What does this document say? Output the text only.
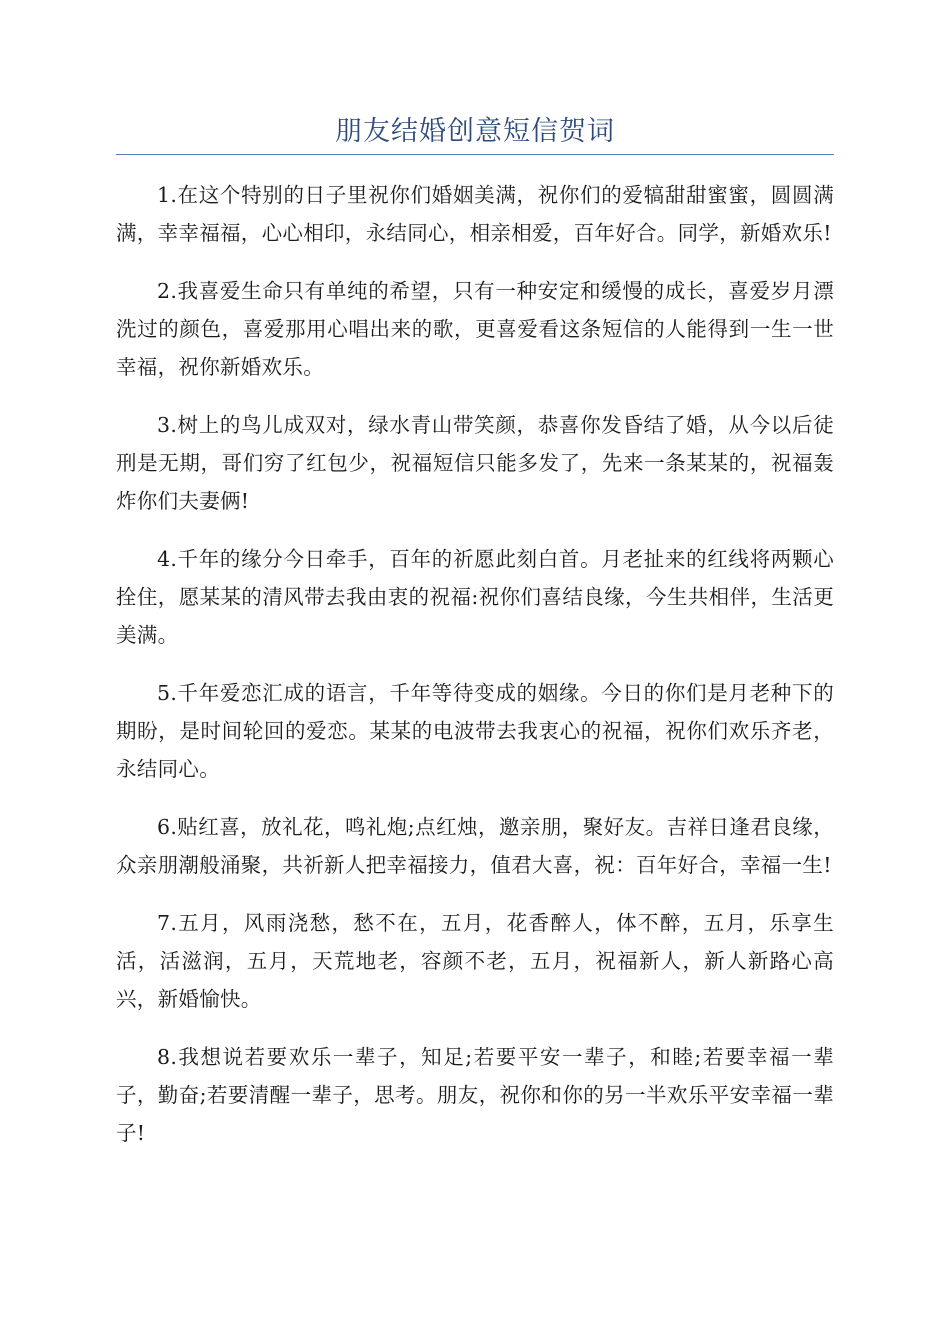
朋友结婚创意短信贺词

1.在这个特别的日子里祝你们婚姻美满，祝你们的爱犒甜甜蜜蜜，圆圆满满，幸幸福福，心心相印，永结同心，相亲相爱，百年好合。同学，新婚欢乐!

2.我喜爱生命只有单纯的希望，只有一种安定和缓慢的成长，喜爱岁月漂洗过的颜色，喜爱那用心唱出来的歌，更喜爱看这条短信的人能得到一生一世幸福，祝你新婚欢乐。

3.树上的鸟儿成双对，绿水青山带笑颜，恭喜你发昏结了婚，从今以后徒刑是无期，哥们穷了红包少，祝福短信只能多发了，先来一条某某的，祝福轰炸你们夫妻俩!

4.千年的缘分今日牵手，百年的祈愿此刻白首。月老扯来的红线将两颗心拴住，愿某某的清风带去我由衷的祝福:祝你们喜结良缘，今生共相伴，生活更美满。

5.千年爱恋汇成的语言，千年等待变成的姻缘。今日的你们是月老种下的期盼，是时间轮回的爱恋。某某的电波带去我衷心的祝福，祝你们欢乐齐老，永结同心。

6.贴红喜，放礼花，鸣礼炮;点红烛，邀亲朋，聚好友。吉祥日逢君良缘，众亲朋潮般涌聚，共祈新人把幸福接力，值君大喜，祝：百年好合，幸福一生!

7.五月，风雨浇愁，愁不在，五月，花香醉人，体不醉，五月，乐享生活，活滋润，五月，天荒地老，容颜不老，五月，祝福新人，新人新路心高兴，新婚愉快。

8.我想说若要欢乐一辈子，知足;若要平安一辈子，和睦;若要幸福一辈子，勤奋;若要清醒一辈子，思考。朋友，祝你和你的另一半欢乐平安幸福一辈子!
